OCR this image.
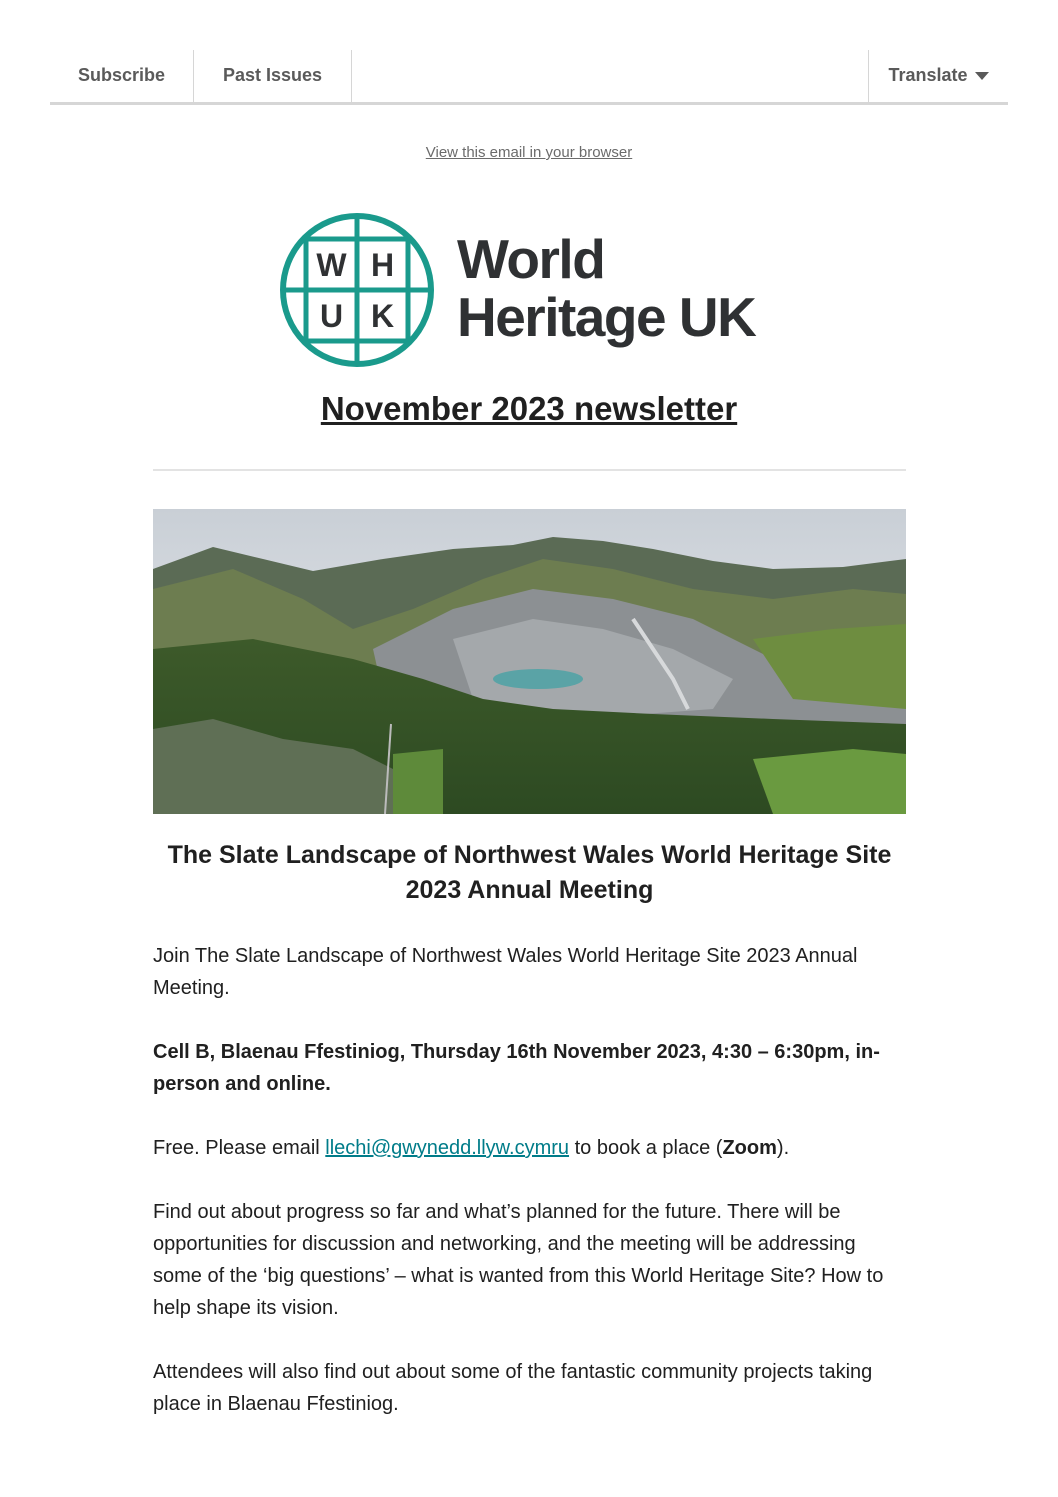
Subscribe	Past Issues	Translate
View this email in your browser
W H
U K
World
Heritage UK
November 2023 newsletter
The Slate Landscape of Northwest Wales World Heritage Site 2023 Annual Meeting

Join The Slate Landscape of Northwest Wales World Heritage Site 2023 Annual Meeting.

Cell B, Blaenau Ffestiniog, Thursday 16th November 2023, 4:30 – 6:30pm, in-person and online.

Free. Please email llechi@gwynedd.llyw.cymru to book a place (Zoom).

Find out about progress so far and what’s planned for the future. There will be opportunities for discussion and networking, and the meeting will be addressing some of the ‘big questions’ – what is wanted from this World Heritage Site? How to help shape its vision.

Attendees will also find out about some of the fantastic community projects taking place in Blaenau Ffestiniog.
